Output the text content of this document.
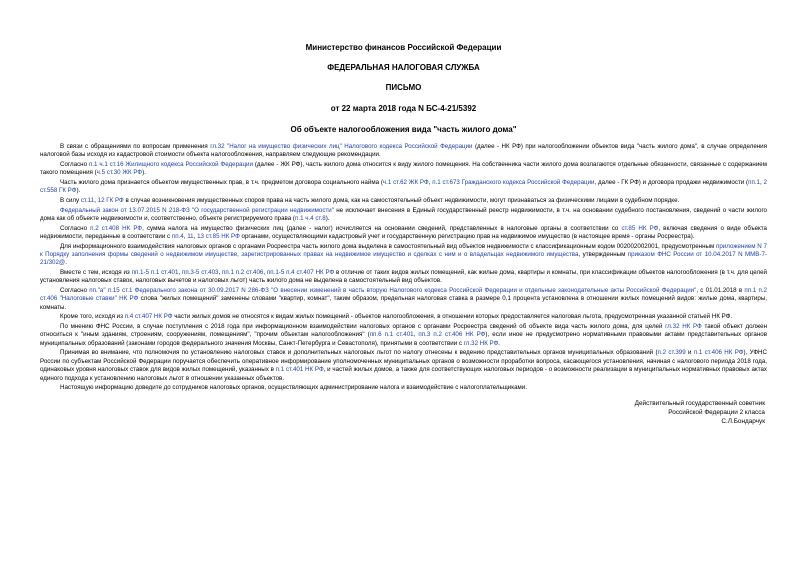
Министерство финансов Российской Федерации
ФЕДЕРАЛЬНАЯ НАЛОГОВАЯ СЛУЖБА
ПИСЬМО
от 22 марта 2018 года N БС-4-21/5392
Об объекте налогообложения вида "часть жилого дома"

В связи с обращениями по вопросам применения гл.32 "Налог на имущество физических лиц" Налогового кодекса Российской Федерации (далее - НК РФ) при налогообложении объектов вида "часть жилого дома", в случае определения налоговой базы исходя из кадастровой стоимости объекта налогообложения, направляем следующие рекомендации.

Согласно п.1 ч.1 ст.16 Жилищного кодекса Российской Федерации (далее - ЖК РФ), часть жилого дома относится к виду жилого помещения. На собственника части жилого дома возлагаются отдельные обязанности, связанные с содержанием такого помещения (ч.5 ст.30 ЖК РФ).

Часть жилого дома признается объектом имущественных прав, в т.ч. предметом договора социального найма (ч.1 ст.62 ЖК РФ, п.1 ст.673 Гражданского кодекса Российской Федерации, далее - ГК РФ) и договора продажи недвижимости (пп.1, 2 ст.558 ГК РФ).

В силу ст.11, 12 ГК РФ в случае возникновения имущественных споров права на часть жилого дома, как на самостоятельный объект недвижимости, могут признаваться за физическими лицами в судебном порядке.

Федеральный закон от 13.07.2015 N 218-ФЗ "О государственной регистрации недвижимости" не исключает внесения в Единый государственный реестр недвижимости, в т.ч. на основании судебного постановления, сведений о части жилого дома как об объекте недвижимости и, соответственно, объекте регистрируемого права (п.1 ч.4 ст.8).

Согласно п.2 ст.408 НК РФ, сумма налога на имущество физических лиц (далее - налог) исчисляется на основании сведений, представленных в налоговые органы в соответствии со ст.85 НК РФ, включая сведения о виде объекта недвижимости, переданные в соответствии с пп.4, 11, 13 ст.85 НК РФ органами, осуществляющими кадастровый учет и государственную регистрацию прав на недвижимое имущество (в настоящее время - органы Росреестра).

Для информационного взаимодействия налоговых органов с органами Росреестра часть жилого дома выделена в самостоятельный вид объектов недвижимости с классификационным кодом 002002002001, предусмотренным приложением N 7 к Порядку заполнения формы сведений о недвижимом имуществе, зарегистрированных правах на недвижимое имущество и сделках с ним и о владельцах недвижимого имущества, утвержденным приказом ФНС России от 10.04.2017 N ММВ-7-21/302@.

Вместе с тем, исходя из пп.1-5 п.1 ст.401, пп.3-5 ст.403, пп.1 п.2 ст.406, пп.1-5 п.4 ст.407 НК РФ в отличие от таких видов жилых помещений, как жилые дома, квартиры и комнаты, при классификации объектов налогообложения (в т.ч. для целей установления налоговых ставок, налоговых вычетов и налоговых льгот) часть жилого дома не выделена в самостоятельный вид объектов.

Согласно пп."а" п.15 ст.1 Федерального закона от 30.09.2017 N 286-ФЗ "О внесении изменений в часть вторую Налогового кодекса Российской Федерации и отдельные законодательные акты Российской Федерации", с 01.01.2018 в пп.1 п.2 ст.406 "Налоговые ставки" НК РФ слова "жилых помещений" заменены словами "квартир, комнат", таким образом, предельная налоговая ставка в размере 0,1 процента установлена в отношении жилых помещений видов: жилые дома, квартиры, комнаты.

Кроме того, исходя из п.4 ст.407 НК РФ части жилых домов не относятся к видам жилых помещений - объектов налогообложения, в отношении которых предоставляется налоговая льгота, предусмотренная указанной статьей НК РФ.

По мнению ФНС России, в случае поступления с 2018 года при информационном взаимодействии налоговых органов с органами Росреестра сведений об объекте вида часть жилого дома, для целей гл.32 НК РФ такой объект должен относиться к "иным зданиям, строениям, сооружениям, помещениям", "прочим объектам налогообложения" (пп.6 п.1 ст.401, пп.3 п.2 ст.406 НК РФ), если иное не предусмотрено нормативными правовыми актами представительных органов муниципальных образований (законами городов федерального значения Москвы, Санкт-Петербурга и Севастополя), принятыми в соответствии с гл.32 НК РФ.

Принимая во внимание, что полномочия по установлению налоговых ставок и дополнительных налоговых льгот по налогу отнесены к ведению представительных органов муниципальных образований (п.2 ст.399 и п.1 ст.406 НК РФ), УФНС России по субъектам Российской Федерации поручается обеспечить оперативное информирование уполномоченных муниципальных органов о возможности проработки вопроса, касающегося установления, начиная с налогового периода 2018 года, одинаковых уровня налоговых ставок для видов жилых помещений, указанных в п.1 ст.401 НК РФ, и частей жилых домов, а также для соответствующих налоговых периодов - о возможности реализации в муниципальных нормативных правовых актах единого подхода к установлению налоговых льгот в отношении указанных объектов.

Настоящую информацию доведите до сотрудников налоговых органов, осуществляющих администрирование налога и взаимодействие с налогоплательщиками.

Действительный государственный советник
Российской Федерации 2 класса
С.Л.Бондарчук
